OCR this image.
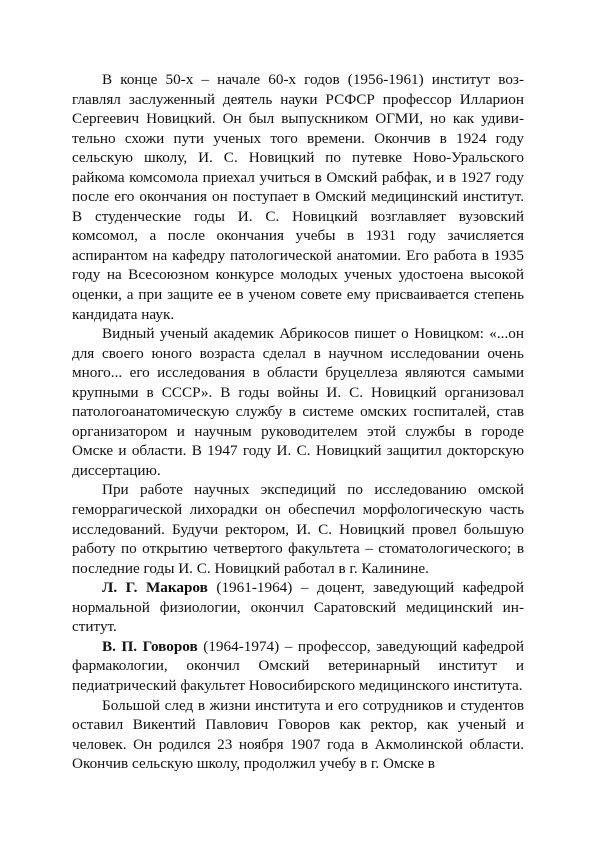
В конце 50-х – начале 60-х годов (1956-1961) институт возглавлял заслуженный деятель науки РСФСР профессор Илларион Сергеевич Новицкий. Он был выпускником ОГМИ, но как удивительно схожи пути ученых того времени. Окончив в 1924 году сельскую школу, И. С. Новицкий по путевке Ново-Уральского райкома комсомола приехал учиться в Омский рабфак, и в 1927 году после его окончания он поступает в Омский медицинский институт. В студенческие годы И. С. Новицкий возглавляет вузовский комсомол, а после окончания учебы в 1931 году зачисляется аспирантом на кафедру патологической анатомии. Его работа в 1935 году на Всесоюзном конкурсе молодых ученых удостоена высокой оценки, а при защите ее в ученом совете ему присваивается степень кандидата наук.

Видный ученый академик Абрикосов пишет о Новицком: «...он для своего юного возраста сделал в научном исследовании очень много... его исследования в области бруцеллеза являются самыми крупными в СССР». В годы войны И. С. Новицкий организовал патологоанатомическую службу в системе омских госпиталей, став организатором и научным руководителем этой службы в городе Омске и области. В 1947 году И. С. Новицкий защитил докторскую диссертацию.

При работе научных экспедиций по исследованию омской геморрагической лихорадки он обеспечил морфологическую часть исследований. Будучи ректором, И. С. Новицкий провел большую работу по открытию четвертого факультета – стоматологического; в последние годы И. С. Новицкий работал в г. Калинине.

Л. Г. Макаров (1961-1964) – доцент, заведующий кафедрой нормальной физиологии, окончил Саратовский медицинский институт.

В. П. Говоров (1964-1974) – профессор, заведующий кафедрой фармакологии, окончил Омский ветеринарный институт и педиатрический факультет Новосибирского медицинского института.

Большой след в жизни института и его сотрудников и студентов оставил Викентий Павлович Говоров как ректор, как ученый и человек. Он родился 23 ноября 1907 года в Акмолинской области. Окончив сельскую школу, продолжил учебу в г. Омске в
